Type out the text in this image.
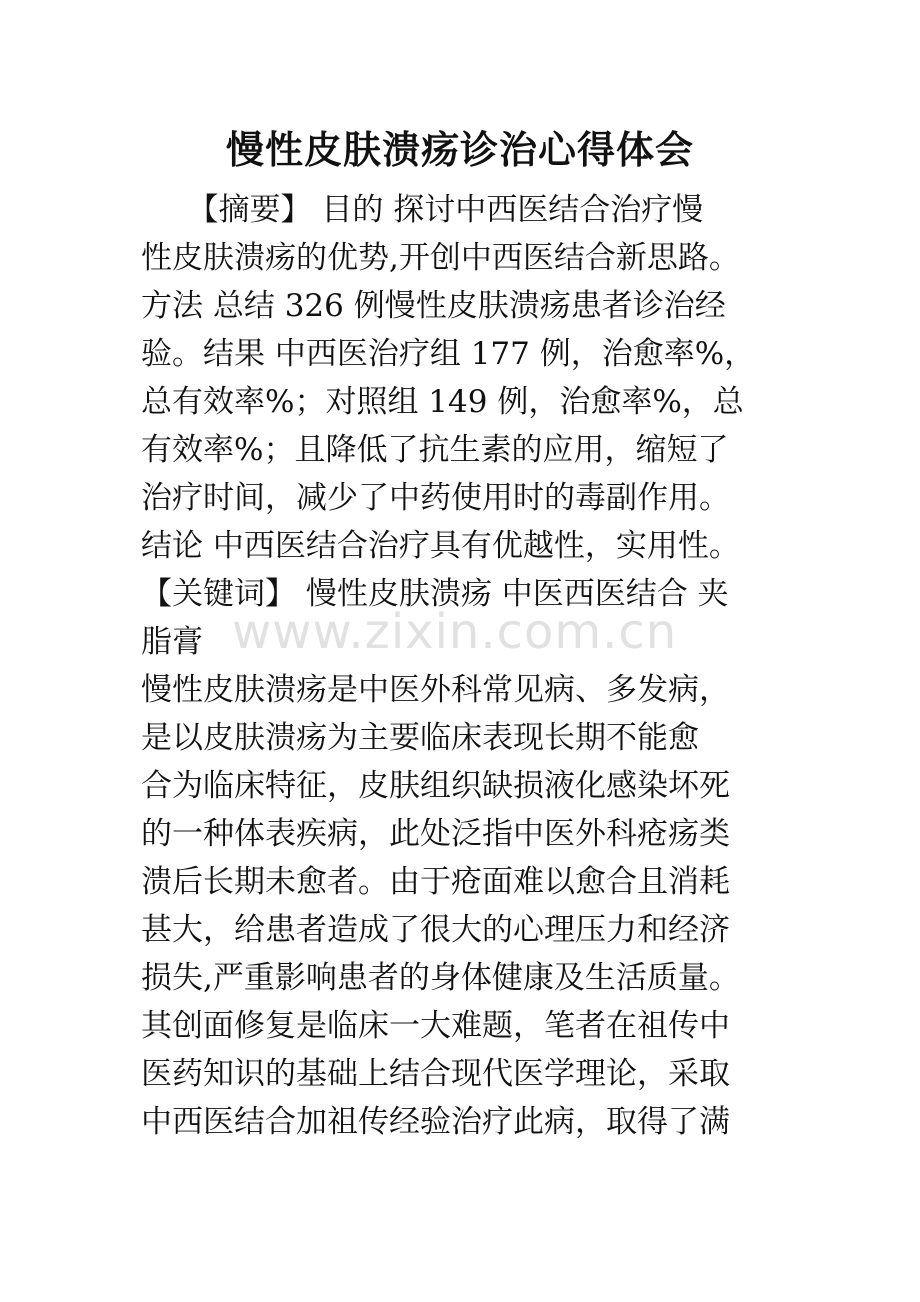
慢性皮肤溃疡诊治心得体会
　　【摘要】 目的 探讨中西医结合治疗慢
性皮肤溃疡的优势,开创中西医结合新思路。
方法 总结 326 例慢性皮肤溃疡患者诊治经
验。结果 中西医治疗组 177 例，治愈率%，
总有效率%；对照组 149 例，治愈率%，总
有效率%；且降低了抗生素的应用，缩短了
治疗时间，减少了中药使用时的毒副作用。
结论 中西医结合治疗具有优越性，实用性。
【关键词】 慢性皮肤溃疡 中医西医结合 夹
脂膏
慢性皮肤溃疡是中医外科常见病、多发病，
是以皮肤溃疡为主要临床表现长期不能愈
合为临床特征，皮肤组织缺损液化感染坏死
的一种体表疾病，此处泛指中医外科疮疡类
溃后长期未愈者。由于疮面难以愈合且消耗
甚大，给患者造成了很大的心理压力和经济
损失,严重影响患者的身体健康及生活质量。
其创面修复是临床一大难题，笔者在祖传中
医药知识的基础上结合现代医学理论，采取
中西医结合加祖传经验治疗此病，取得了满
www.zixin.com.cn
